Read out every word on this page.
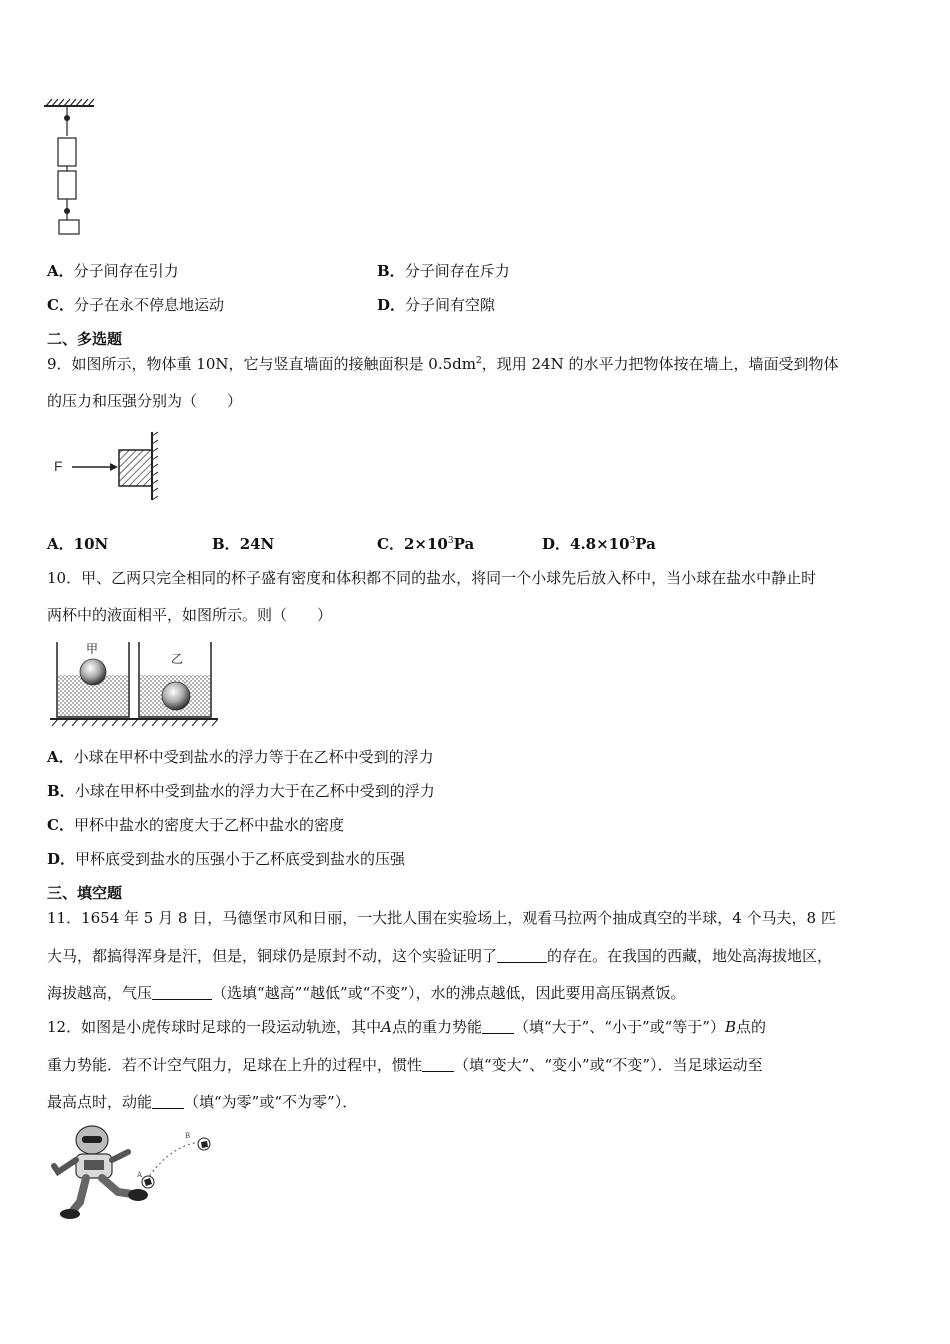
A．分子间存在引力	B．分子间存在斥力
C．分子在永不停息地运动	D．分子间有空隙
二、多选题
9．如图所示，物体重 10N，它与竖直墙面的接触面积是 $0.5dm^2$，现用 24N 的水平力把物体按在墙上，墙面受到物体
的压力和压强分别为（　　）
F
A．10N	B．24N	C．$2\times 10^3Pa$	D．$4.8\times 10^3Pa$
10．甲、乙两只完全相同的杯子盛有密度和体积都不同的盐水，将同一个小球先后放入杯中，当小球在盐水中静止时
两杯中的液面相平，如图所示。则（　　）
甲
乙
A．小球在甲杯中受到盐水的浮力等于在乙杯中受到的浮力
B．小球在甲杯中受到盐水的浮力大于在乙杯中受到的浮力
C．甲杯中盐水的密度大于乙杯中盐水的密度
D．甲杯底受到盐水的压强小于乙杯底受到盐水的压强
三、填空题
11．1654 年 5 月 8 日，马德堡市风和日丽，一大批人围在实验场上，观看马拉两个抽成真空的半球，4 个马夫，8 匹
大马，都搞得浑身是汗，但是，铜球仍是原封不动，这个实验证明了	的存在。在我国的西藏，地处高海拔地区，
海拔越高，气压	（选填“越高”“越低”或“不变”），水的沸点越低，因此要用高压锅煮饭。
12．如图是小虎传球时足球的一段运动轨迹，其中A点的重力势能 （填“大于”、“小于”或“等于”）B点的
重力势能．若不计空气阻力，足球在上升的过程中，惯性 （填“变大”、“变小”或“不变”）．当足球运动至
最高点时，动能 （填“为零”或“不为零”）．
A
B
